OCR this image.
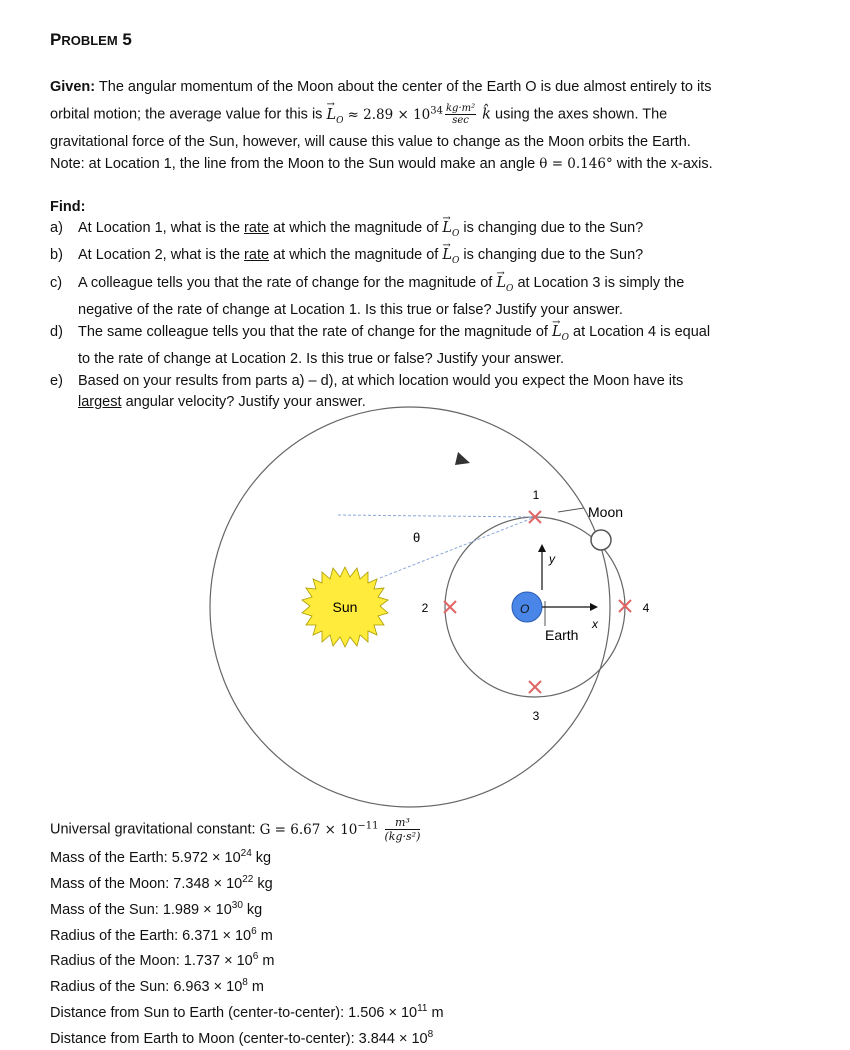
PROBLEM 5
Given: The angular momentum of the Moon about the center of the Earth O is due almost entirely to its
orbital motion; the average value for this is → $L_O \approx 2.89 \times 10^{34} \frac{\text{kg·m²}}{\sec}$ k̂ using the axes shown. The
gravitational force of the Sun, however, will cause this value to change as the Moon orbits the Earth.
Note: at Location 1, the line from the Moon to the Sun would make an angle θ = 0.146° with the x-axis.
Find:
a) At Location 1, what is the rate at which the magnitude of → $L_O$ is changing due to the Sun?
b) At Location 2, what is the rate at which the magnitude of → $L_O$ is changing due to the Sun?
c) A colleague tells you that the rate of change for the magnitude of → $L_O$ at Location 3 is simply the
negative of the rate of change at Location 1. Is this true or false? Justify your answer.
d) The same colleague tells you that the rate of change for the magnitude of → $L_O$ at Location 4 is equal
to the rate of change at Location 2. Is this true or false? Justify your answer.
e) Based on your results from parts a) – d), at which location would you expect the Moon have its
largest angular velocity? Justify your answer.
Sun
θ
O
Earth
x
y
Moon
1
2
3
4
Universal gravitational constant: $G = 6.67 \times 10^{-11} \frac{\text{m³}}{\text{(kg·s²)}}$
Mass of the Earth: $5.972 \times 10^{24}$ kg
Mass of the Moon: $7.348 \times 10^{22}$ kg
Mass of the Sun: $1.989 \times 10^{30}$ kg
Radius of the Earth: $6.371 \times 10^6$ m
Radius of the Moon: $1.737 \times 10^6$ m
Radius of the Sun: $6.963 \times 10^8$ m
Distance from Sun to Earth (center-to-center): $1.506 \times 10^{11}$ m
Distance from Earth to Moon (center-to-center): $3.844 \times 10^8$
